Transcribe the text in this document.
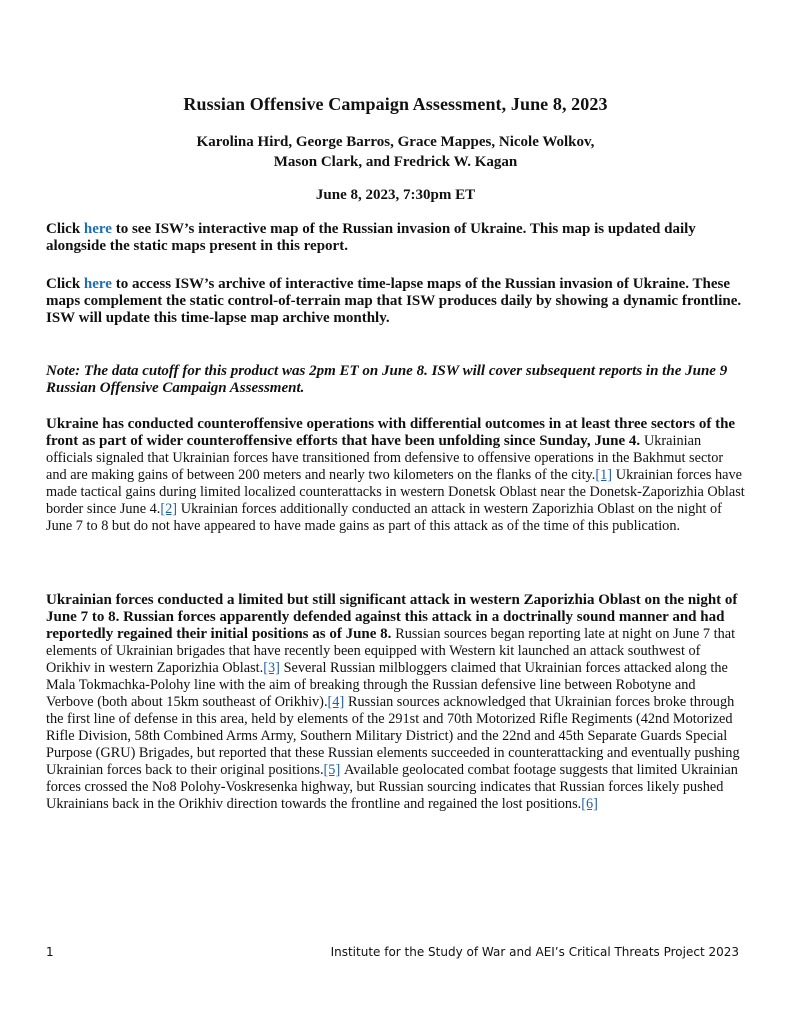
Russian Offensive Campaign Assessment, June 8, 2023
Karolina Hird, George Barros, Grace Mappes, Nicole Wolkov,
Mason Clark, and Fredrick W. Kagan
June 8, 2023, 7:30pm ET
Click here to see ISW’s interactive map of the Russian invasion of Ukraine. This map is updated daily alongside the static maps present in this report.
Click here to access ISW’s archive of interactive time-lapse maps of the Russian invasion of Ukraine. These maps complement the static control-of-terrain map that ISW produces daily by showing a dynamic frontline. ISW will update this time-lapse map archive monthly.
Note: The data cutoff for this product was 2pm ET on June 8. ISW will cover subsequent reports in the June 9 Russian Offensive Campaign Assessment.
Ukraine has conducted counteroffensive operations with differential outcomes in at least three sectors of the front as part of wider counteroffensive efforts that have been unfolding since Sunday, June 4. Ukrainian officials signaled that Ukrainian forces have transitioned from defensive to offensive operations in the Bakhmut sector and are making gains of between 200 meters and nearly two kilometers on the flanks of the city.[1] Ukrainian forces have made tactical gains during limited localized counterattacks in western Donetsk Oblast near the Donetsk-Zaporizhia Oblast border since June 4.[2] Ukrainian forces additionally conducted an attack in western Zaporizhia Oblast on the night of June 7 to 8 but do not have appeared to have made gains as part of this attack as of the time of this publication.
Ukrainian forces conducted a limited but still significant attack in western Zaporizhia Oblast on the night of June 7 to 8. Russian forces apparently defended against this attack in a doctrinally sound manner and had reportedly regained their initial positions as of June 8. Russian sources began reporting late at night on June 7 that elements of Ukrainian brigades that have recently been equipped with Western kit launched an attack southwest of Orikhiv in western Zaporizhia Oblast.[3] Several Russian milbloggers claimed that Ukrainian forces attacked along the Mala Tokmachka-Polohy line with the aim of breaking through the Russian defensive line between Robotyne and Verbove (both about 15km southeast of Orikhiv).[4] Russian sources acknowledged that Ukrainian forces broke through the first line of defense in this area, held by elements of the 291st and 70th Motorized Rifle Regiments (42nd Motorized Rifle Division, 58th Combined Arms Army, Southern Military District) and the 22nd and 45th Separate Guards Special Purpose (GRU) Brigades, but reported that these Russian elements succeeded in counterattacking and eventually pushing Ukrainian forces back to their original positions.[5] Available geolocated combat footage suggests that limited Ukrainian forces crossed the No8 Polohy-Voskresenka highway, but Russian sourcing indicates that Russian forces likely pushed Ukrainians back in the Orikhiv direction towards the frontline and regained the lost positions.[6]
1	Institute for the Study of War and AEI’s Critical Threats Project 2023
